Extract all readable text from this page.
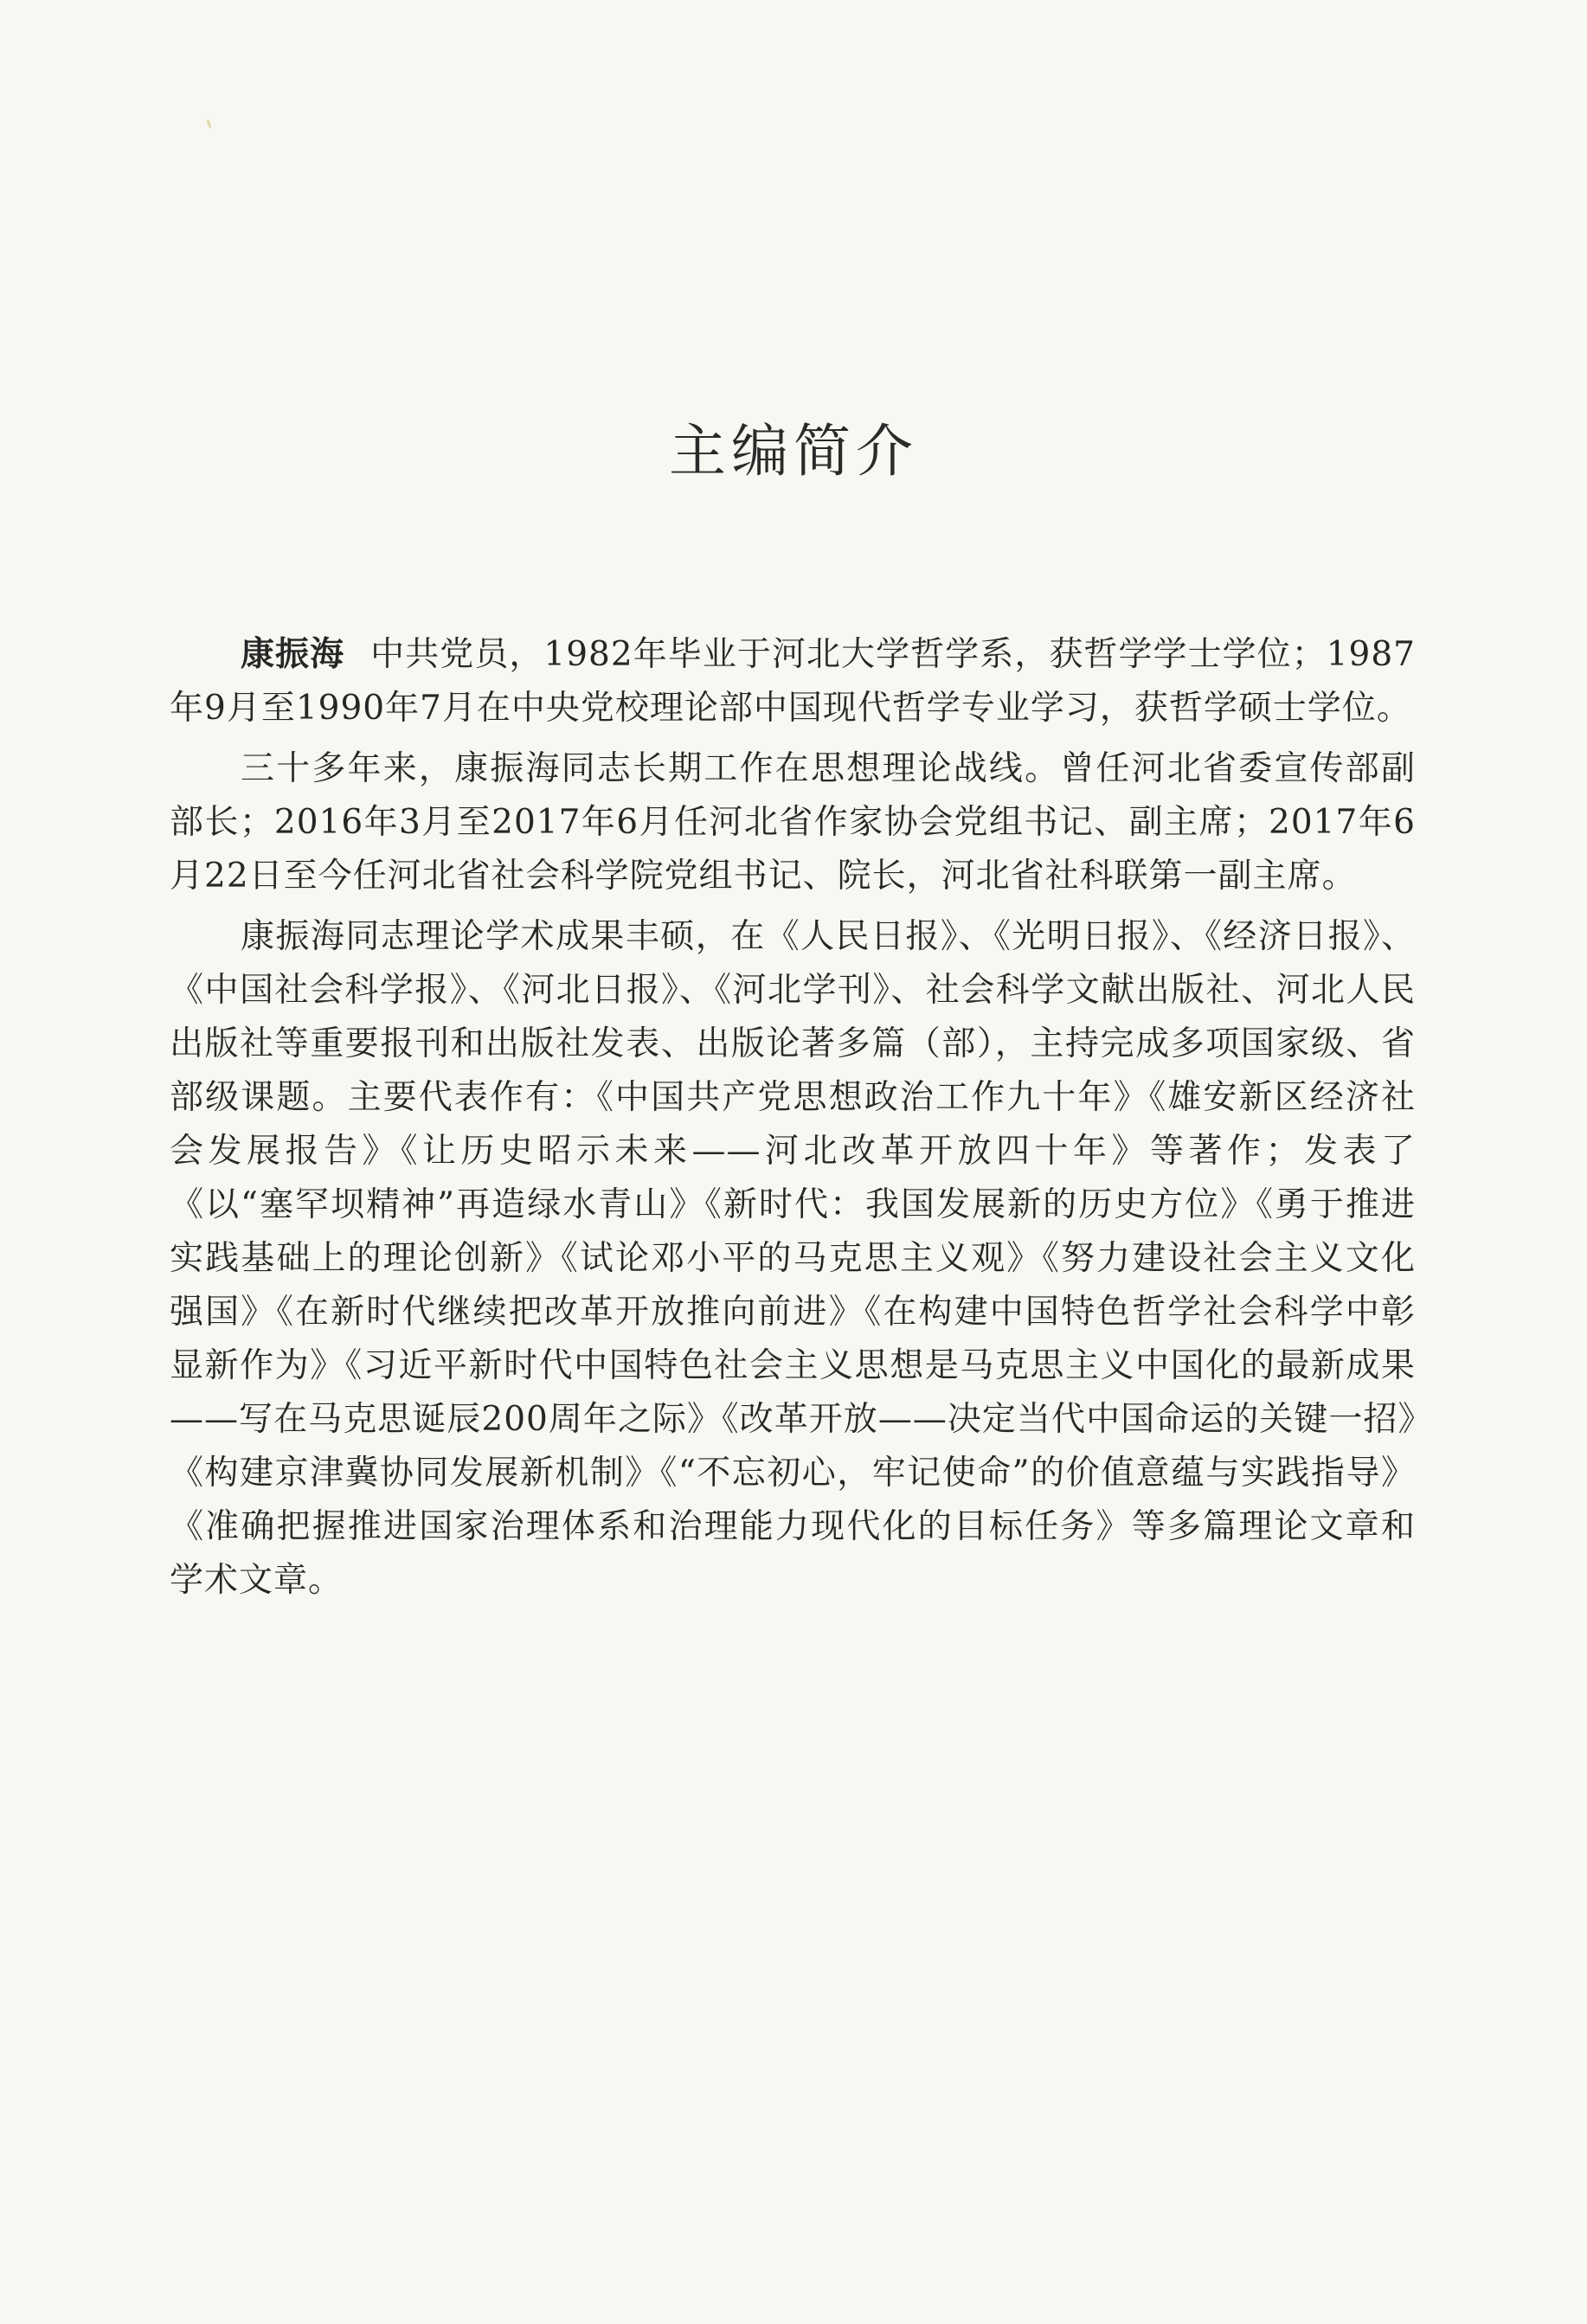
主编简介

康振海 中共党员，1982年毕业于河北大学哲学系，获哲学学士学位；1987年9月至1990年7月在中央党校理论部中国现代哲学专业学习，获哲学硕士学位。

三十多年来，康振海同志长期工作在思想理论战线。曾任河北省委宣传部副部长；2016年3月至2017年6月任河北省作家协会党组书记、副主席；2017年6月22日至今任河北省社会科学院党组书记、院长，河北省社科联第一副主席。

康振海同志理论学术成果丰硕，在《人民日报》、《光明日报》、《经济日报》、《中国社会科学报》、《河北日报》、《河北学刊》、社会科学文献出版社、河北人民出版社等重要报刊和出版社发表、出版论著多篇（部），主持完成多项国家级、省部级课题。主要代表作有：《中国共产党思想政治工作九十年》《雄安新区经济社会发展报告》《让历史昭示未来——河北改革开放四十年》等著作；发表了《以“塞罕坝精神”再造绿水青山》《新时代：我国发展新的历史方位》《勇于推进实践基础上的理论创新》《试论邓小平的马克思主义观》《努力建设社会主义文化强国》《在新时代继续把改革开放推向前进》《在构建中国特色哲学社会科学中彰显新作为》《习近平新时代中国特色社会主义思想是马克思主义中国化的最新成果——写在马克思诞辰200周年之际》《改革开放——决定当代中国命运的关键一招》《构建京津冀协同发展新机制》《“不忘初心，牢记使命”的价值意蕴与实践指导》《准确把握推进国家治理体系和治理能力现代化的目标任务》等多篇理论文章和学术文章。
